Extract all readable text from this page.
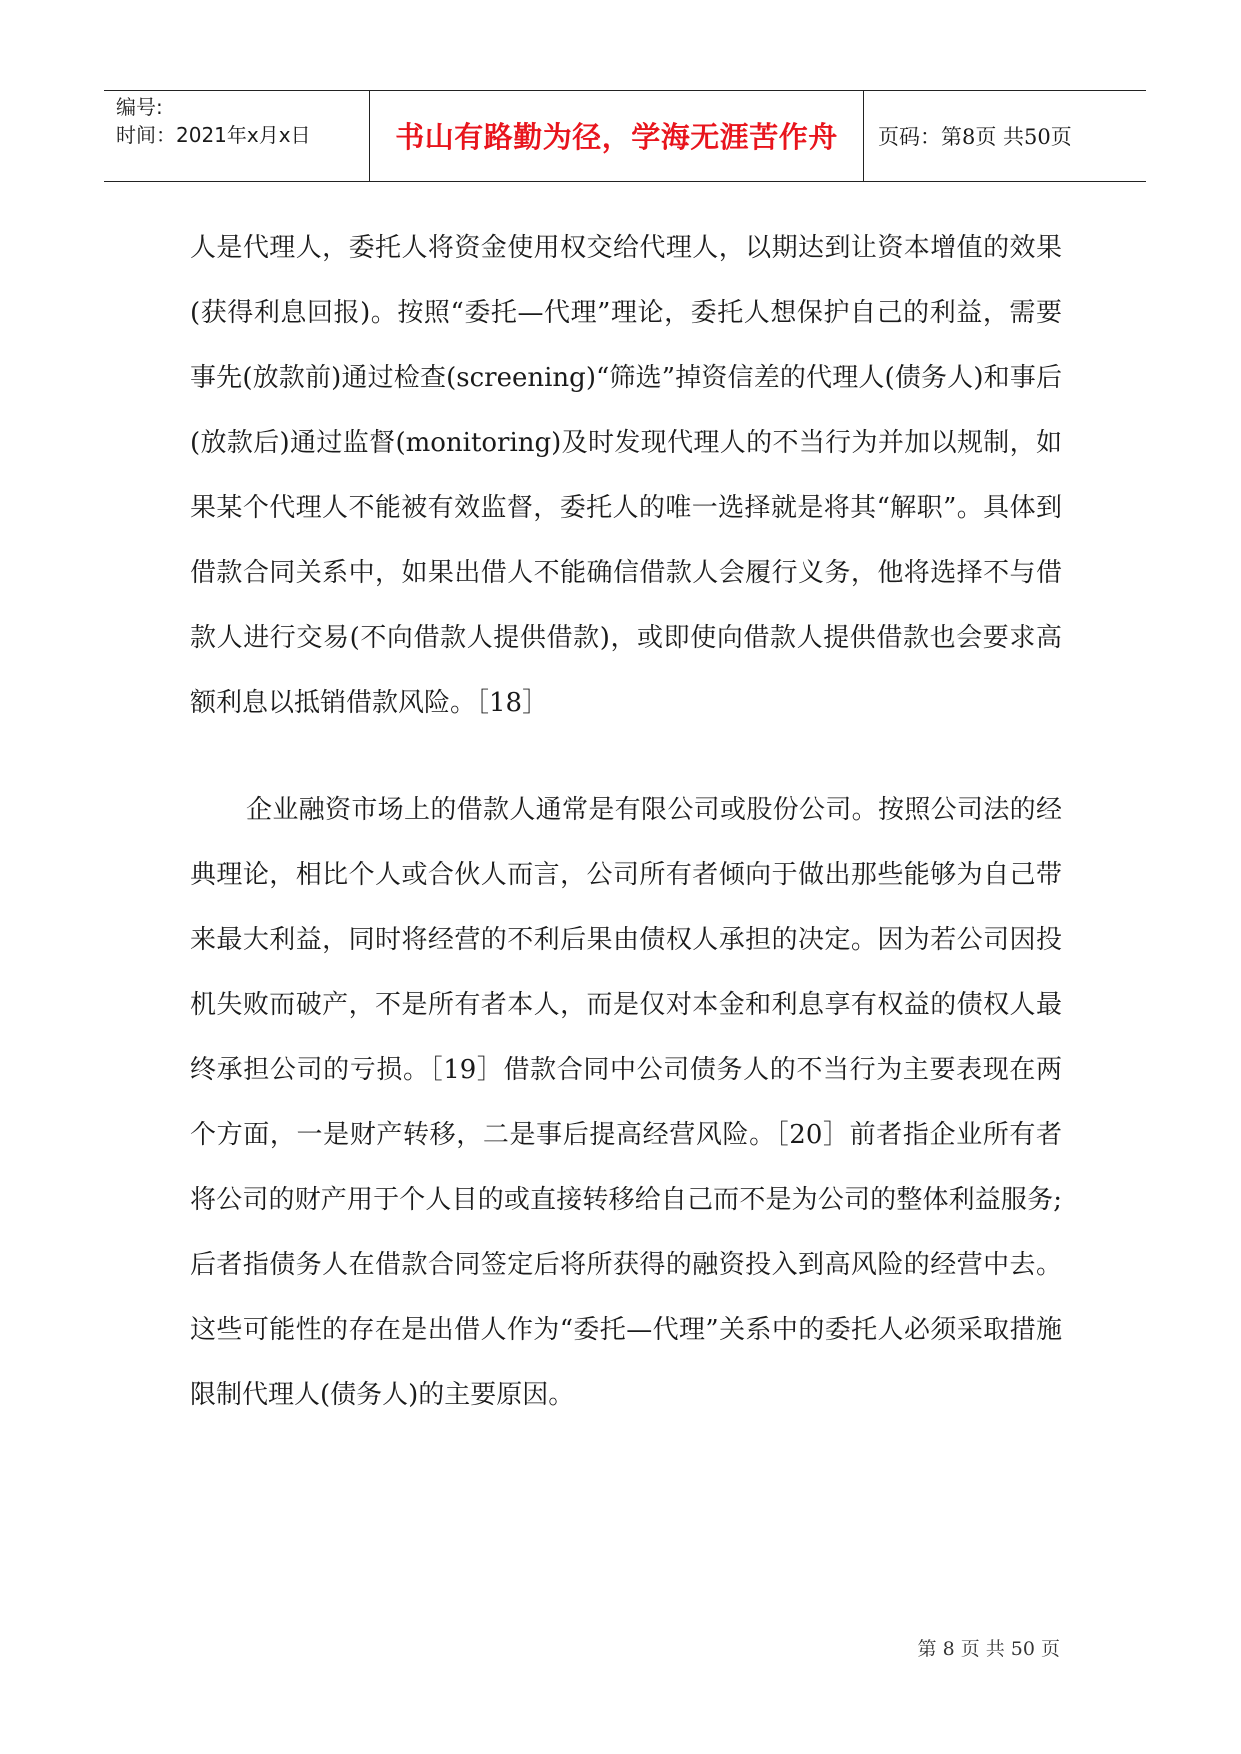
编号:
时间：2021年x月x日	书山有路勤为径，学海无涯苦作舟	页码：第8页 共50页

人是代理人，委托人将资金使用权交给代理人，以期达到让资本增值的效果(获得利息回报)。按照“委托—代理”理论，委托人想保护自己的利益，需要事先(放款前)通过检查(screening)“筛选”掉资信差的代理人(债务人)和事后(放款后)通过监督(monitoring)及时发现代理人的不当行为并加以规制，如果某个代理人不能被有效监督，委托人的唯一选择就是将其“解职”。具体到借款合同关系中，如果出借人不能确信借款人会履行义务，他将选择不与借款人进行交易(不向借款人提供借款)，或即使向借款人提供借款也会要求高额利息以抵销借款风险。［18］

企业融资市场上的借款人通常是有限公司或股份公司。按照公司法的经典理论，相比个人或合伙人而言，公司所有者倾向于做出那些能够为自己带来最大利益，同时将经营的不利后果由债权人承担的决定。因为若公司因投机失败而破产，不是所有者本人，而是仅对本金和利息享有权益的债权人最终承担公司的亏损。［19］借款合同中公司债务人的不当行为主要表现在两个方面，一是财产转移，二是事后提高经营风险。［20］前者指企业所有者将公司的财产用于个人目的或直接转移给自己而不是为公司的整体利益服务;后者指债务人在借款合同签定后将所获得的融资投入到高风险的经营中去。这些可能性的存在是出借人作为“委托—代理”关系中的委托人必须采取措施限制代理人(债务人)的主要原因。

第 8 页 共 50 页
